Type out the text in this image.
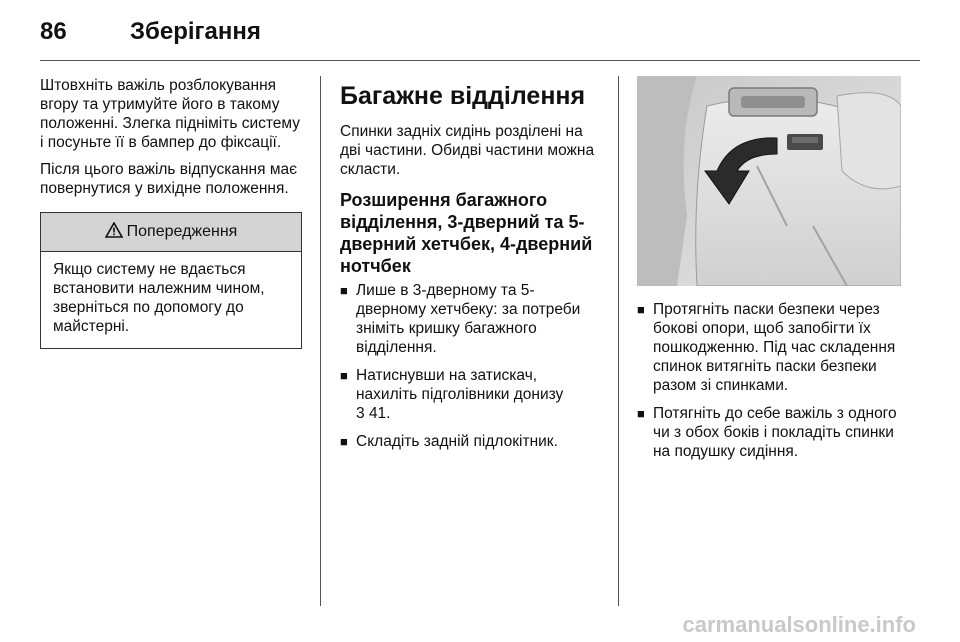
86	Зберігання

Штовхніть важіль розблокування вгору та утримуйте його в такому положенні. Злегка підніміть систему і посуньте її в бампер до фіксації.

Після цього важіль відпускання має повернутися у вихідне положення.

Попередження
Якщо систему не вдається встановити належним чином, зверніться по допомогу до майстерні.
Багажне відділення

Спинки задніх сидінь розділені на дві частини. Обидві частини можна скласти.

Розширення багажного відділення, 3-дверний та 5-дверний хетчбек, 4-дверний нотчбек
■ Лише в 3-дверному та 5-дверному хетчбеку: за потреби зніміть кришку багажного відділення.
■ Натиснувши на затискач, нахиліть підголівники донизу
3 41.
■ Складіть задній підлокітник.
■ Протягніть паски безпеки через бокові опори, щоб запобігти їх пошкодженню. Під час складення спинок витягніть паски безпеки разом зі спинками.
■ Потягніть до себе важіль з одного чи з обох боків і покладіть спинки на подушку сидіння.
carmanualsonline.info
